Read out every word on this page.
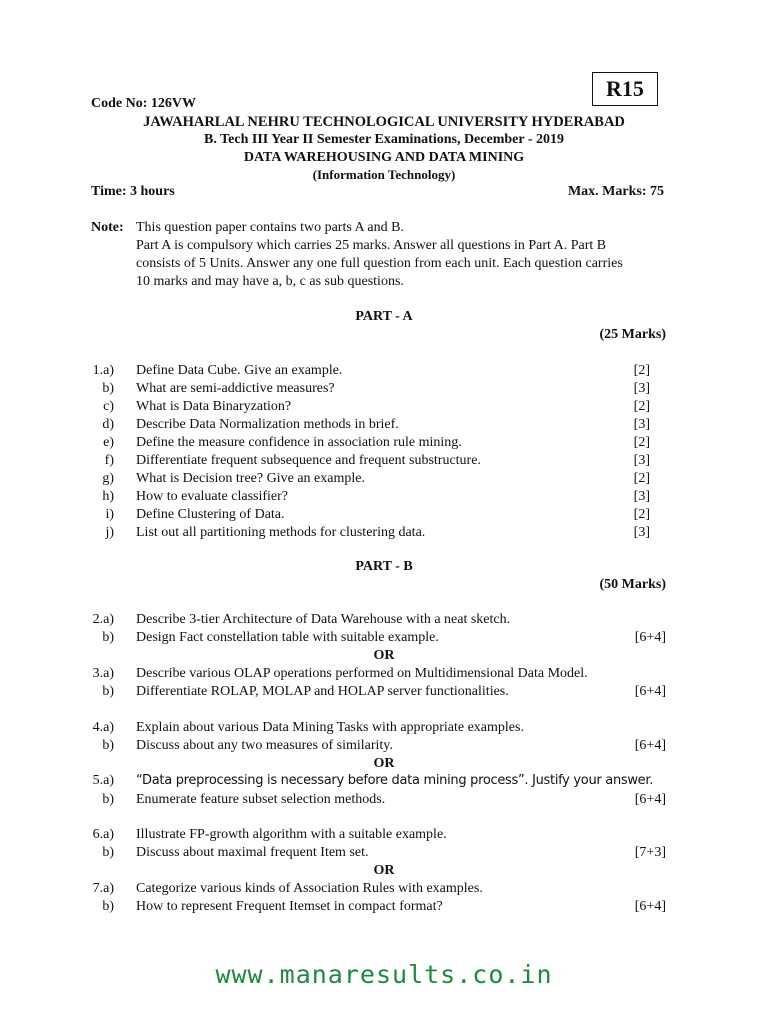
R15
Code No: 126VW
JAWAHARLAL NEHRU TECHNOLOGICAL UNIVERSITY HYDERABAD
B. Tech III Year II Semester Examinations, December - 2019
DATA WAREHOUSING AND DATA MINING
(Information Technology)
Time: 3 hours	Max. Marks: 75
Note: This question paper contains two parts A and B.
Part A is compulsory which carries 25 marks. Answer all questions in Part A. Part B
consists of 5 Units. Answer any one full question from each unit. Each question carries
10 marks and may have a, b, c as sub questions.
PART - A
(25 Marks)
1.a) Define Data Cube. Give an example.	[2]
b) What are semi-addictive measures?	[3]
c) What is Data Binaryzation?	[2]
d) Describe Data Normalization methods in brief.	[3]
e) Define the measure confidence in association rule mining.	[2]
f) Differentiate frequent subsequence and frequent substructure.	[3]
g) What is Decision tree? Give an example.	[2]
h) How to evaluate classifier?	[3]
i) Define Clustering of Data.	[2]
j) List out all partitioning methods for clustering data.	[3]
PART - B
(50 Marks)
2.a) Describe 3-tier Architecture of Data Warehouse with a neat sketch.
b) Design Fact constellation table with suitable example.	[6+4]
OR
3.a) Describe various OLAP operations performed on Multidimensional Data Model.
b) Differentiate ROLAP, MOLAP and HOLAP server functionalities.	[6+4]
4.a) Explain about various Data Mining Tasks with appropriate examples.
b) Discuss about any two measures of similarity.	[6+4]
OR
5.a) “Data preprocessing is necessary before data mining process”. Justify your answer.
b) Enumerate feature subset selection methods.	[6+4]
6.a) Illustrate FP-growth algorithm with a suitable example.
b) Discuss about maximal frequent Item set.	[7+3]
OR
7.a) Categorize various kinds of Association Rules with examples.
b) How to represent Frequent Itemset in compact format?	[6+4]
www.manaresults.co.in
